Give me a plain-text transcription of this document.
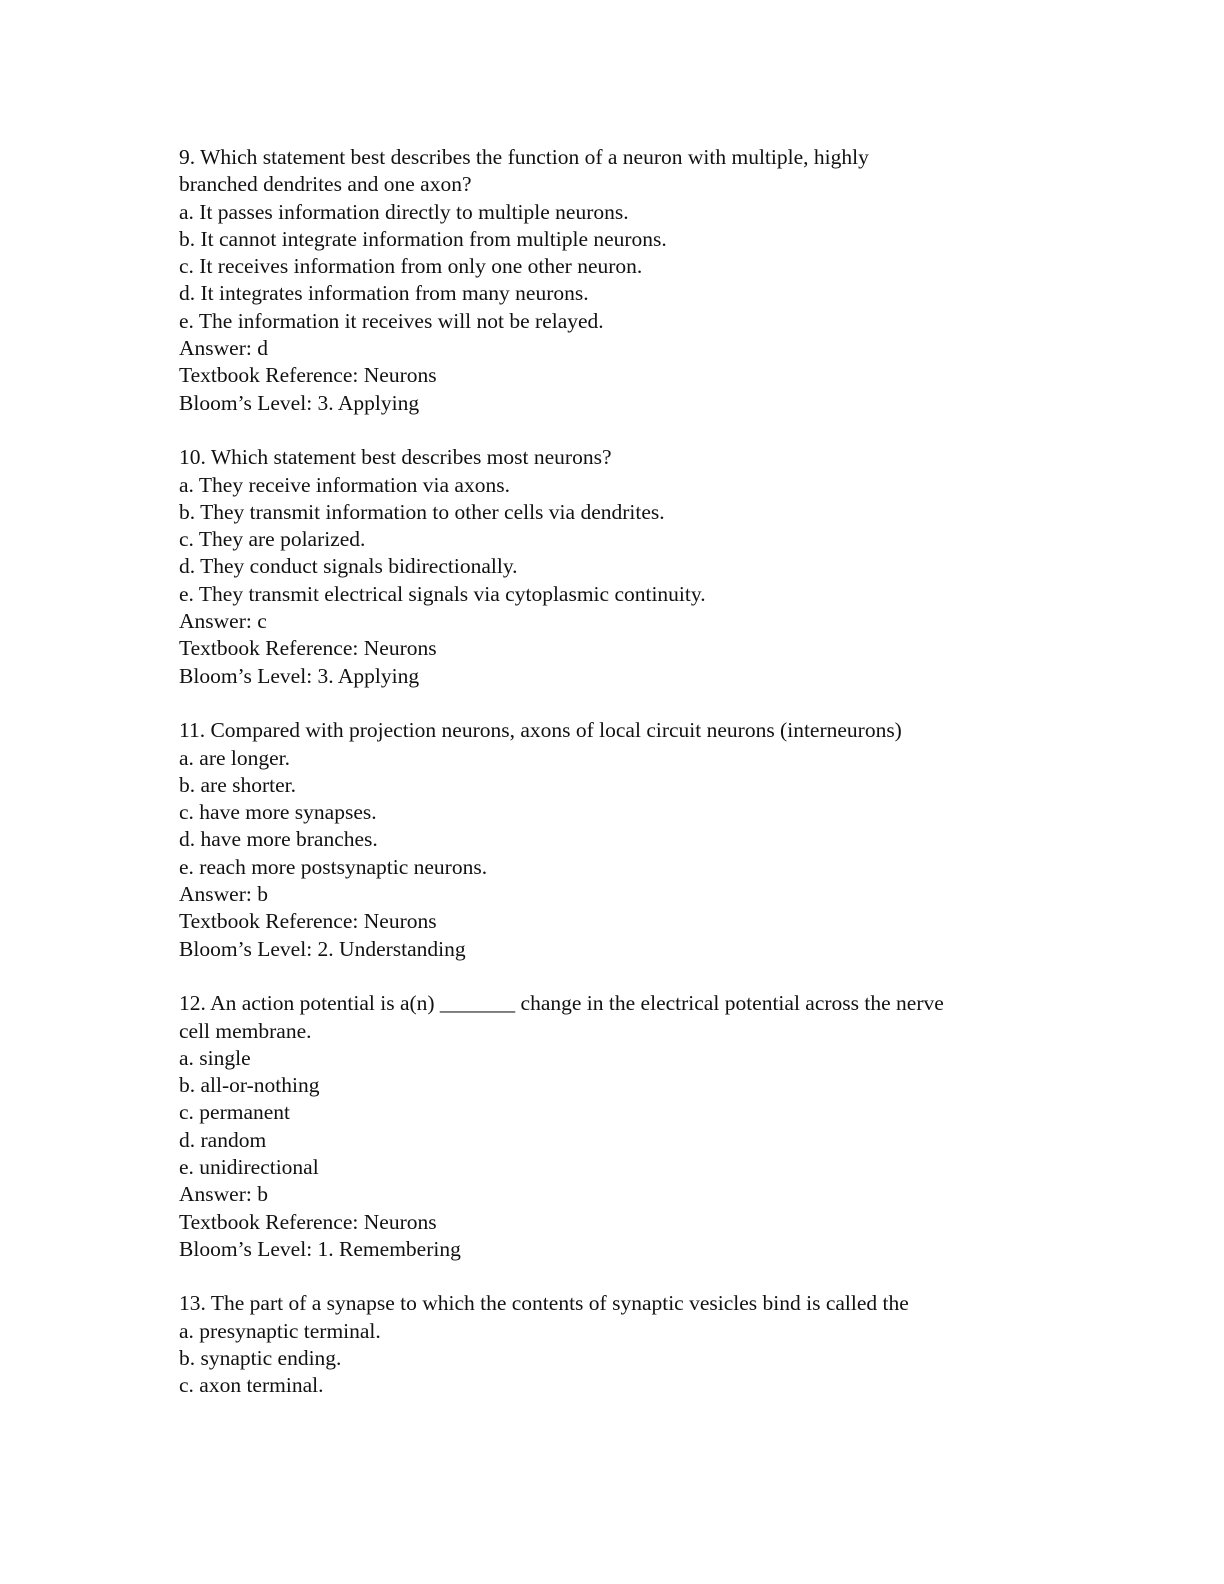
9. Which statement best describes the function of a neuron with multiple, highly
branched dendrites and one axon?
a. It passes information directly to multiple neurons.
b. It cannot integrate information from multiple neurons.
c. It receives information from only one other neuron.
d. It integrates information from many neurons.
e. The information it receives will not be relayed.
Answer: d
Textbook Reference: Neurons
Bloom’s Level: 3. Applying
10. Which statement best describes most neurons?
a. They receive information via axons.
b. They transmit information to other cells via dendrites.
c. They are polarized.
d. They conduct signals bidirectionally.
e. They transmit electrical signals via cytoplasmic continuity.
Answer: c
Textbook Reference: Neurons
Bloom’s Level: 3. Applying
11. Compared with projection neurons, axons of local circuit neurons (interneurons)
a. are longer.
b. are shorter.
c. have more synapses.
d. have more branches.
e. reach more postsynaptic neurons.
Answer: b
Textbook Reference: Neurons
Bloom’s Level: 2. Understanding
12. An action potential is a(n) _______ change in the electrical potential across the nerve
cell membrane.
a. single
b. all-or-nothing
c. permanent
d. random
e. unidirectional
Answer: b
Textbook Reference: Neurons
Bloom’s Level: 1. Remembering
13. The part of a synapse to which the contents of synaptic vesicles bind is called the
a. presynaptic terminal.
b. synaptic ending.
c. axon terminal.
